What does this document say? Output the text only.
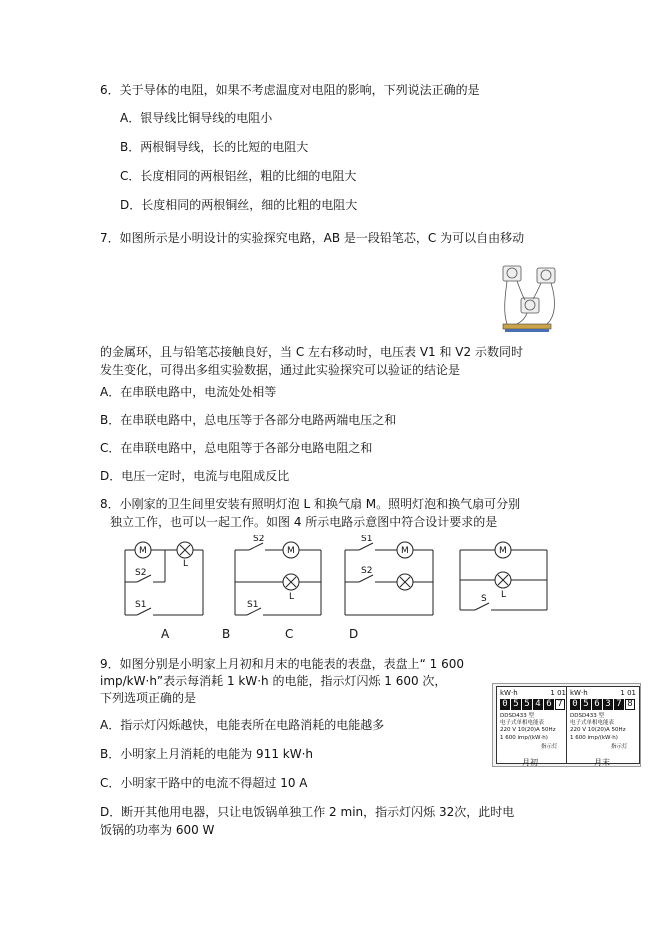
6．关于导体的电阻，如果不考虑温度对电阻的影响，下列说法正确的是
A．银导线比铜导线的电阻小
B．两根铜导线，长的比短的电阻大
C．长度相同的两根铝丝，粗的比细的电阻大
D．长度相同的两根铜丝，细的比粗的电阻大
7．如图所示是小明设计的实验探究电路，AB 是一段铅笔芯，C 为可以自由移动
的金属环，且与铅笔芯接触良好，当 C 左右移动时，电压表 V1 和 V2 示数同时
发生变化，可得出多组实验数据，通过此实验探究可以验证的结论是
A．在串联电路中，电流处处相等
B．在串联电路中，总电压等于各部分电路两端电压之和
C．在串联电路中，总电阻等于各部分电路电阻之和
D．电压一定时，电流与电阻成反比
8．小刚家的卫生间里安装有照明灯泡 L 和换气扇 M。照明灯泡和换气扇可分别
独立工作，也可以一起工作。如图 4 所示电路示意图中符合设计要求的是
M
L
S2
S1
S2
M
L
S1
S1
M
S2
M
S L
A	B	C	D
9．如图分别是小明家上月初和月末的电能表的表盘，表盘上“ 1 600
imp/kW·h”表示每消耗 1 kW·h 的电能，指示灯闪烁 1 600 次，
下列选项正确的是
A．指示灯闪烁越快，电能表所在电路消耗的电能越多
B．小明家上月消耗的电能为 911 kW·h
C．小明家干路中的电流不得超过 10 A
D．断开其他用电器，只让电饭锅单独工作 2 min，指示灯闪烁 32次，此时电
饭锅的功率为 600 W
kW·h	1 01
0 5 5 4 6 7
DDSD433 型
电子式单相电能表
220 V 10(20)A 50Hz
1 600 imp/(kW·h)
指示灯
kW·h	1 01
0 5 6 3 7 8
DDSD433 型
电子式单相电能表
220 V 10(20)A 50Hz
1 600 imp/(kW·h)
指示灯
月初	月末
